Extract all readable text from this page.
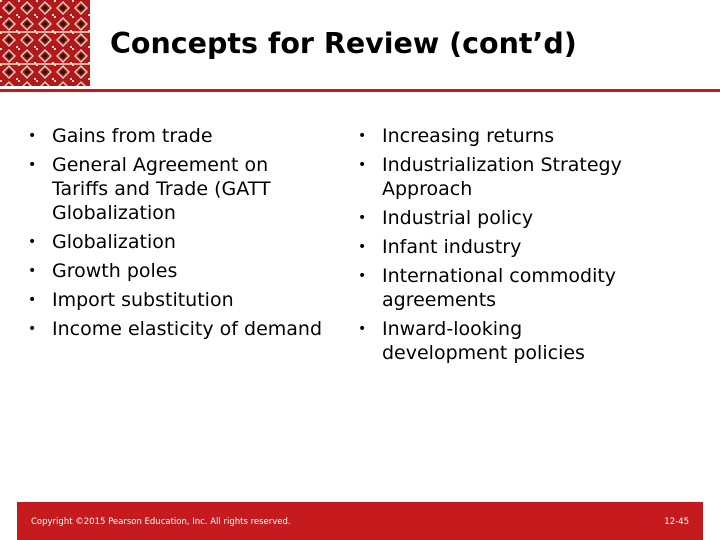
Concepts for Review (cont’d)
• Gains from trade
• General Agreement on Tariffs and Trade (GATT Globalization
• Globalization
• Growth poles
• Import substitution
• Income elasticity of demand
• Increasing returns
• Industrialization Strategy Approach
• Industrial policy
• Infant industry
• International commodity agreements
• Inward-looking development policies
Copyright ©2015 Pearson Education, Inc. All rights reserved.	12-45
